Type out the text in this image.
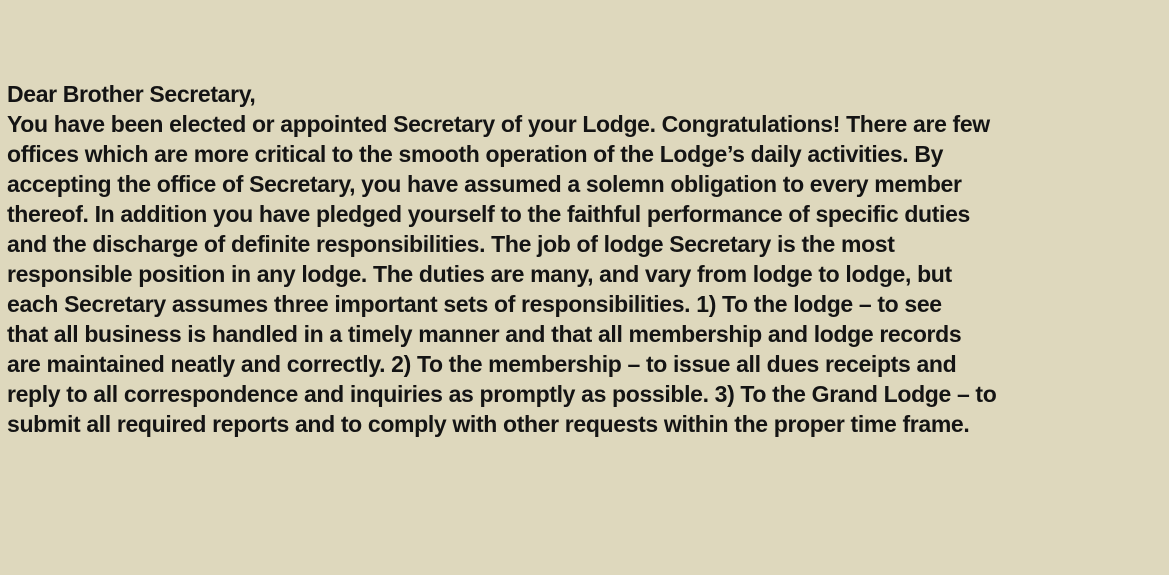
Dear Brother Secretary,
You have been elected or appointed Secretary of your Lodge. Congratulations! There are few
offices which are more critical to the smooth operation of the Lodge’s daily activities. By
accepting the office of Secretary, you have assumed a solemn obligation to every member
thereof. In addition you have pledged yourself to the faithful performance of specific duties
and the discharge of definite responsibilities. The job of lodge Secretary is the most
responsible position in any lodge. The duties are many, and vary from lodge to lodge, but
each Secretary assumes three important sets of responsibilities. 1) To the lodge – to see
that all business is handled in a timely manner and that all membership and lodge records
are maintained neatly and correctly. 2) To the membership – to issue all dues receipts and
reply to all correspondence and inquiries as promptly as possible. 3) To the Grand Lodge – to
submit all required reports and to comply with other requests within the proper time frame.
